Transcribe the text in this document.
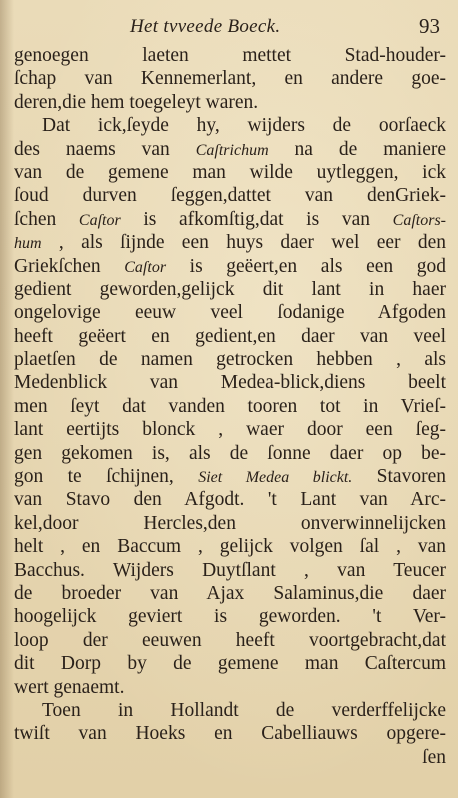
Het tvveede Boeck.	93
genoegen laeten mettet Stad-houder-
ſchap van Kennemerlant, en andere goe-
deren,die hem toegeleyt waren.
Dat ick,ſeyde hy, wijders de oorſaeck
des naems van Caſtrichum na de maniere
van de gemene man wilde uytleggen, ick
ſoud durven ſeggen,dattet van denGriek-
ſchen Caſtor is afkomſtig,dat is van Caſtors-
hum , als ſijnde een huys daer wel eer den
Griekſchen Caſtor is geëert,en als een god
gedient geworden,gelijck dit lant in haer
ongelovige eeuw veel ſodanige Afgoden
heeft geëert en gedient,en daer van veel
plaetſen de namen getrocken hebben , als
Medenblick van Medea-blick,diens beelt
men ſeyt dat vanden tooren tot in Vrieſ-
lant eertijts blonck , waer door een ſeg-
gen gekomen is, als de ſonne daer op be-
gon te ſchijnen, Siet Medea blickt. Stavoren
van Stavo den Afgodt. 't Lant van Arc-
kel,door Hercles,den onverwinnelijcken
helt , en Baccum , gelijck volgen ſal , van
Bacchus. Wijders Duytſlant , van Teucer
de broeder van Ajax Salaminus,die daer
hoogelijck geviert is geworden. 't Ver-
loop der eeuwen heeft voortgebracht,dat
dit Dorp by de gemene man Caſtercum
wert genaemt.
Toen in Hollandt de verderffelijcke
twiſt van Hoeks en Cabelliauws opgere-
ſen
